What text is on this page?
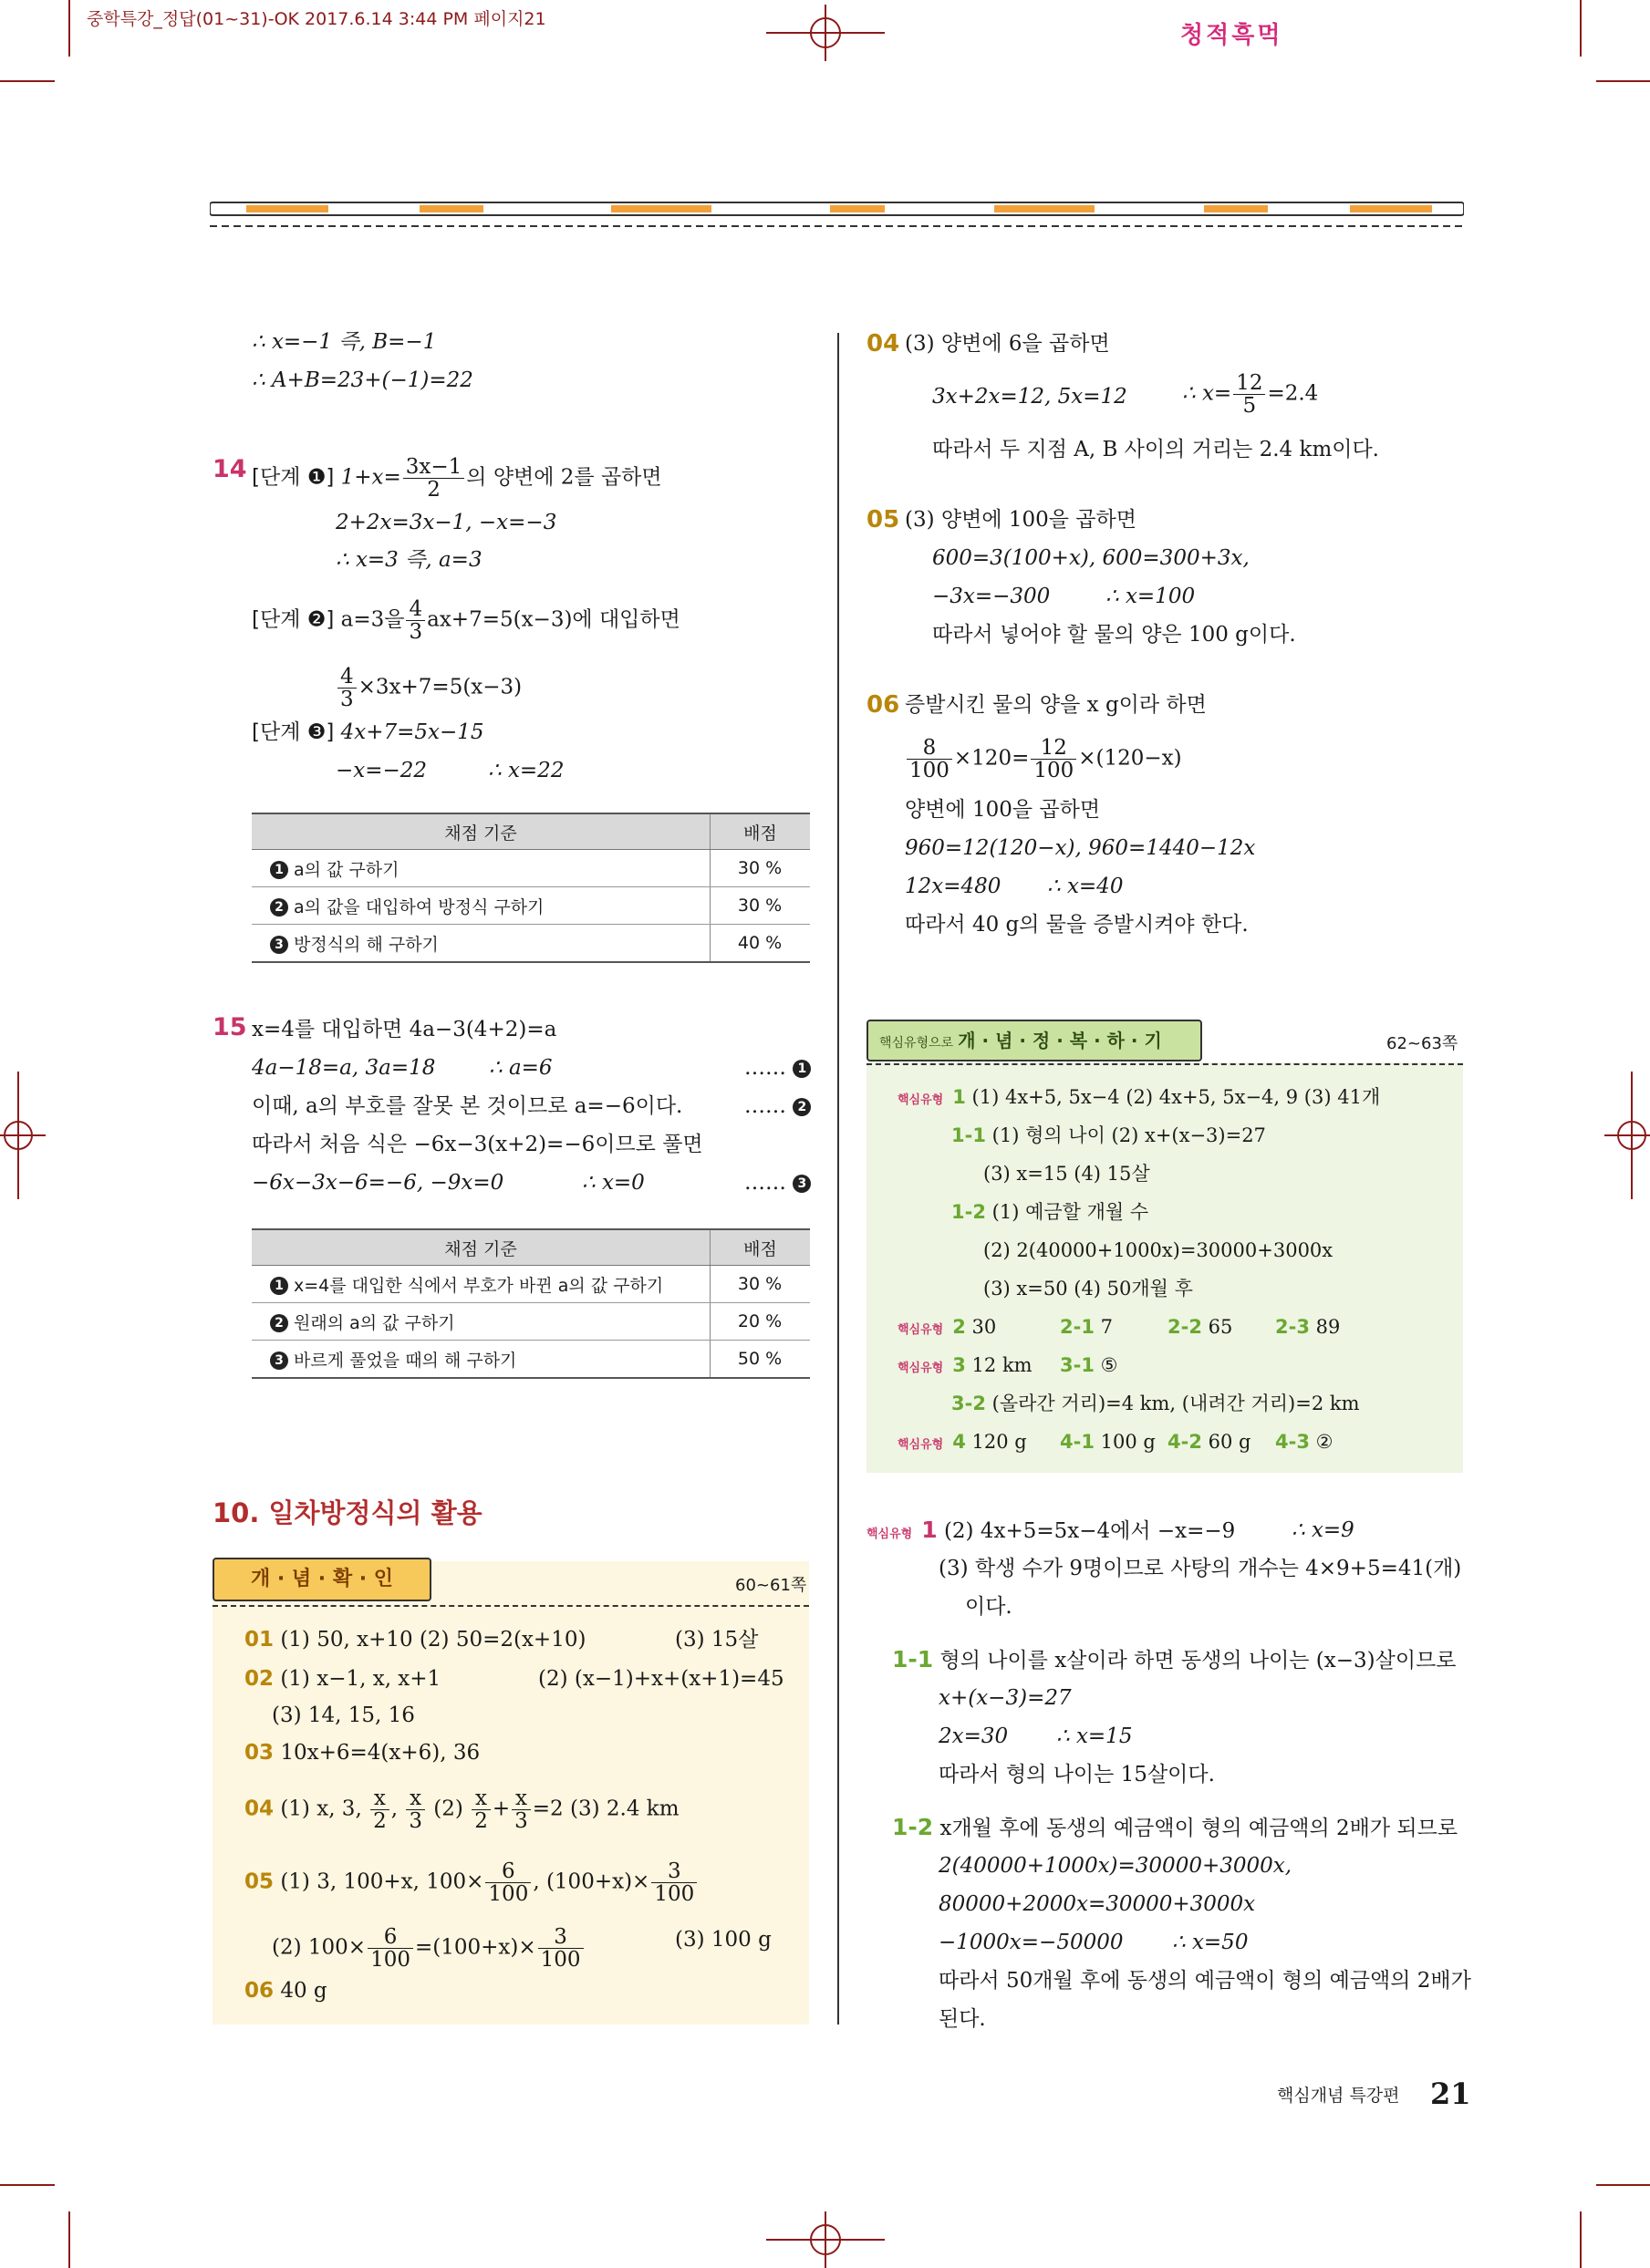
중학특강_정답(01~31)-OK 2017.6.14 3:44 PM 페이지21
청적흑먹
∴ x=−1 즉, B=−1
∴ A+B=23+(−1)=22
14 [단계 ❶] $1+x= \frac{3x-1}{2}$ 의 양변에 2를 곱하면
2+2x=3x−1, −x=−3
∴ x=3 즉, a=3
[단계 ❷] a=3을 $\frac{4}{3} ax+7=5(x-3)$에 대입하면
$\frac{4}{3} \times 3x+7=5(x-3)$
[단계 ❸] 4x+7=5x−15
−x=−22	∴ x=22
채점 기준	배점
1 a의 값 구하기	30 %
2 a의 값을 대입하여 방정식 구하기	30 %
3 방정식의 해 구하기	40 %
15 x=4를 대입하면 4a−3(4+2)=a
4a−18=a, 3a=18	∴ a=6
이때, a의 부호를 잘못 본 것이므로 a=−6이다.
따라서 처음 식은 −6x−3(x+2)=−6이므로 풀면
−6x−3x−6=−6, −9x=0	∴ x=0
…… 1
…… 2
…… 3
채점 기준	배점
1 x=4를 대입한 식에서 부호가 바뀐 a의 값 구하기	30 %
2 원래의 a의 값 구하기	20 %
3 바르게 풀었을 때의 해 구하기	50 %
10. 일차방정식의 활용
개 · 념 · 확 · 인	60~61쪽
01 (1) 50, x+10 (2) 50=2(x+10)	(3) 15살
02 (1) x−1, x, x+1	(2) (x−1)+x+(x+1)=45
(3) 14, 15, 16
03 10x+6=4(x+6), 36
04 (1) x, 3, $\frac{x}{2}$ , $\frac{x}{3} (2) \frac{x}{2} + \frac{x}{3} =2$ (3) 2.4 km
05 (1) 3, 100+x, $100\times \frac{6}{100}$ , $(100+x)\times \frac{3}{100}$
(2) $100\times \frac{6}{100} =(100+x)\times \frac{3}{100}$	(3) 100 g
06 40 g
04 (3) 양변에 6을 곱하면
3x+2x=12, 5x=12	∴ $x= \frac{12}{5} =2.4$
따라서 두 지점 A, B 사이의 거리는 2.4 km이다.
05 (3) 양변에 100을 곱하면
600=3(100+x), 600=300+3x,
−3x=−300	∴ x=100
따라서 넣어야 할 물의 양은 100 g이다.
06 증발시킨 물의 양을 x g이라 하면
$\frac{8}{100} \times 120= \frac{12}{100} \times(120-x)$
양변에 100을 곱하면
960=12(120−x), 960=1440−12x
12x=480 ∴ x=40
따라서 40 g의 물을 증발시켜야 한다.
핵심유형으로 개 · 념 · 정 · 복 · 하 · 기	62~63쪽
핵심유형 1 (1) 4x+5, 5x−4 (2) 4x+5, 5x−4, 9 (3) 41개
1-1 (1) 형의 나이 (2) x+(x−3)=27
(3) x=15 (4) 15살
1-2 (1) 예금할 개월 수
(2) 2(40000+1000x)=30000+3000x
(3) x=50 (4) 50개월 후
핵심유형 2 30	2-1 7	2-2 65 2-3 89
핵심유형 3 12 km 3-1 ⑤
3-2 (올라간 거리)=4 km, (내려간 거리)=2 km
핵심유형 4 120 g 4-1 100 g 4-2 60 g 4-3 ②
핵심유형 1 (2) 4x+5=5x−4에서 −x=−9	∴ x=9
(3) 학생 수가 9명이므로 사탕의 개수는 4×9+5=41(개)
이다.
1-1 형의 나이를 x살이라 하면 동생의 나이는 (x−3)살이므로
x+(x−3)=27
2x=30 ∴ x=15
따라서 형의 나이는 15살이다.
1-2 x개월 후에 동생의 예금액이 형의 예금액의 2배가 되므로
2(40000+1000x)=30000+3000x,
80000+2000x=30000+3000x
−1000x=−50000 ∴ x=50
따라서 50개월 후에 동생의 예금액이 형의 예금액의 2배가
된다.
핵심개념 특강편 21
